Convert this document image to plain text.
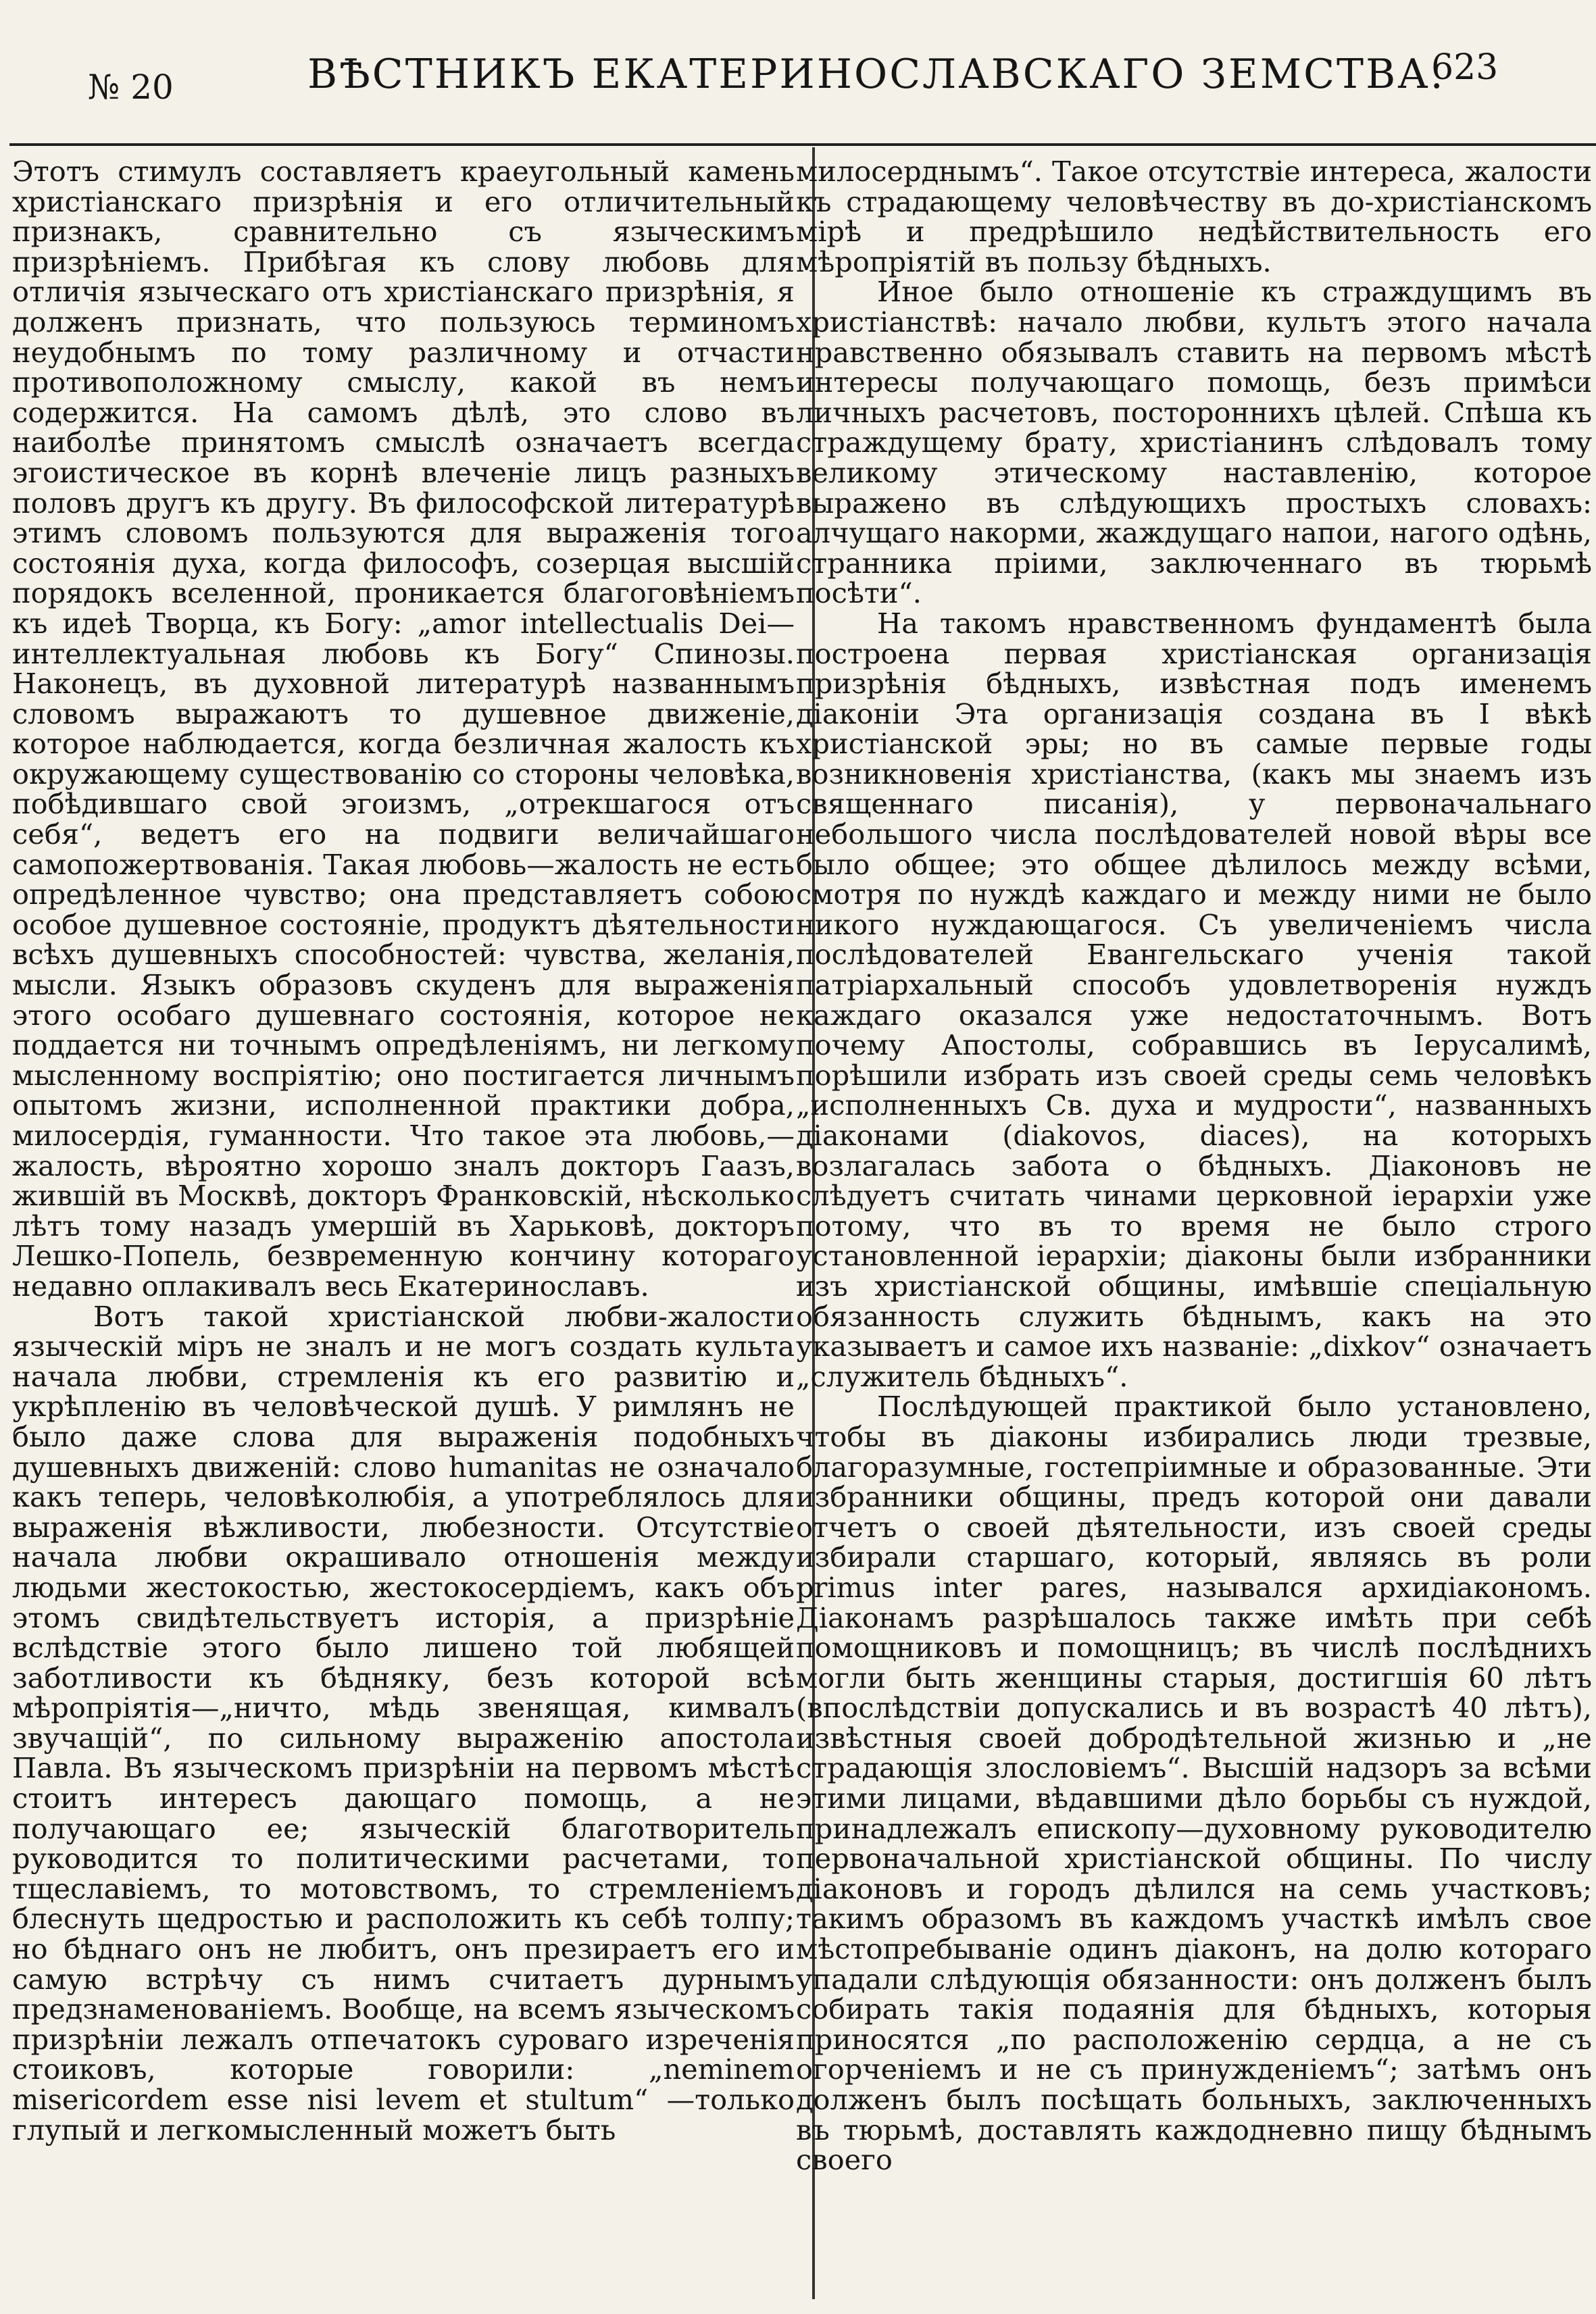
№ 20	ВѢСТНИКЪ ЕКАТЕРИНОСЛАВСКАГО ЗЕМСТВА.
623

Этотъ стимулъ составляетъ краеугольный камень христіанскаго призрѣнія и его отличительный признакъ, сравнительно съ языческимъ призрѣніемъ. Прибѣгая къ слову любовь для отличія языческаго отъ христіанскаго призрѣнія, я долженъ признать, что пользуюсь терминомъ неудобнымъ по тому различному и отчасти противоположному смыслу, какой въ немъ содержится. На самомъ дѣлѣ, это слово въ наиболѣе принятомъ смыслѣ означаетъ всегда эгоистическое въ корнѣ влеченіе лицъ разныхъ половъ другъ къ другу. Въ философской литературѣ этимъ словомъ пользуются для выраженія того состоянія духа, когда философъ, созерцая высшій порядокъ вселенной, проникается благоговѣніемъ къ идеѣ Творца, къ Богу: „amor intellectualis Dei—интеллектуальная любовь къ Богу“ Спинозы. Наконецъ, въ духовной литературѣ названнымъ словомъ выражаютъ то душевное движеніе, которое наблюдается, когда безличная жалость къ окружающему существованію со стороны человѣка, побѣдившаго свой эгоизмъ, „отрекшагося отъ себя“, ведетъ его на подвиги величайшаго самопожертвованія. Такая любовь—жалость не есть опредѣленное чувство; она представляетъ собою особое душевное состояніе, продуктъ дѣятельности всѣхъ душевныхъ способностей: чувства, желанія, мысли. Языкъ образовъ скуденъ для выраженія этого особаго душевнаго состоянія, которое не поддается ни точнымъ опредѣленіямъ, ни легкому мысленному воспріятію; оно постигается личнымъ опытомъ жизни, исполненной практики добра, милосердія, гуманности. Что такое эта любовь,—жалость, вѣроятно хорошо зналъ докторъ Гаазъ, жившій въ Москвѣ, докторъ Франковскій, нѣсколько лѣтъ тому назадъ умершій въ Харьковѣ, докторъ Лешко-Попель, безвременную кончину котораго недавно оплакивалъ весь Екатеринославъ.

Вотъ такой христіанской любви-жалости языческій міръ не зналъ и не могъ создать культа начала любви, стремленія къ его развитію и укрѣпленію въ человѣческой душѣ. У римлянъ не было даже слова для выраженія подобныхъ душевныхъ движеній: слово humanitas не означало какъ теперь, человѣколюбія, а употреблялось для выраженія вѣжливости, любезности. Отсутствіе начала любви окрашивало отношенія между людьми жестокостью, жестокосердіемъ, какъ объ этомъ свидѣтельствуетъ исторія, а призрѣніе вслѣдствіе этого было лишено той любящей заботливости къ бѣдняку, безъ которой всѣ мѣропріятія—„ничто, мѣдь звенящая, кимвалъ звучащій“, по сильному выраженію апостола Павла. Въ языческомъ призрѣніи на первомъ мѣстѣ стоитъ интересъ дающаго помощь, а не получающаго ее; языческій благотворитель руководится то политическими расчетами, то тщеславіемъ, то мотовствомъ, то стремленіемъ блеснуть щедростью и расположить къ себѣ толпу; но бѣднаго онъ не любитъ, онъ презираетъ его и самую встрѣчу съ нимъ считаетъ дурнымъ предзнаменованіемъ. Вообще, на всемъ языческомъ призрѣніи лежалъ отпечатокъ суроваго изреченія стоиковъ, которые говорили: „neminem misericordem esse nisi levem et stultum“ —только глупый и легкомысленный можетъ быть

милосерднымъ“. Такое отсутствіе интереса, жалости къ страдающему человѣчеству въ до-христіанскомъ мірѣ и предрѣшило недѣйствительность его мѣропріятій въ пользу бѣдныхъ.

Иное было отношеніе къ страждущимъ въ христіанствѣ: начало любви, культъ этого начала нравственно обязывалъ ставить на первомъ мѣстѣ интересы получающаго помощь, безъ примѣси личныхъ расчетовъ, постороннихъ цѣлей. Спѣша къ страждущему брату, христіанинъ слѣдовалъ тому великому этическому наставленію, которое выражено въ слѣдующихъ простыхъ словахъ: алчущаго накорми, жаждущаго напои, нагого одѣнь, странника пріими, заключеннаго въ тюрьмѣ посѣти“.

На такомъ нравственномъ фундаментѣ была построена первая христіанская организація призрѣнія бѣдныхъ, извѣстная подъ именемъ діаконіи Эта организація создана въ I вѣкѣ христіанской эры; но въ самые первые годы возникновенія христіанства, (какъ мы знаемъ изъ священнаго писанія), у первоначальнаго небольшого числа послѣдователей новой вѣры все было общее; это общее дѣлилось между всѣми, смотря по нуждѣ каждаго и между ними не было никого нуждающагося. Съ увеличеніемъ числа послѣдователей Евангельскаго ученія такой патріархальный способъ удовлетворенія нуждъ каждаго оказался уже недостаточнымъ. Вотъ почему Апостолы, собравшись въ Іерусалимѣ, порѣшили избрать изъ своей среды семь человѣкъ „исполненныхъ Св. духа и мудрости“, названныхъ діаконами (diakovos, diaces), на которыхъ возлагалась забота о бѣдныхъ. Діаконовъ не слѣдуетъ считать чинами церковной іерархіи уже потому, что въ то время не было строго установленной іерархіи; діаконы были избранники изъ христіанской общины, имѣвшіе спеціальную обязанность служить бѣднымъ, какъ на это указываетъ и самое ихъ названіе: „dixkov“ означаетъ „служитель бѣдныхъ“.

Послѣдующей практикой было установлено, чтобы въ діаконы избирались люди трезвые, благоразумные, гостепріимные и образованные. Эти избранники общины, предъ которой они давали отчетъ о своей дѣятельности, изъ своей среды избирали старшаго, который, являясь въ роли primus inter pares, назывался архидіакономъ. Діаконамъ разрѣшалось также имѣть при себѣ помощниковъ и помощницъ; въ числѣ послѣднихъ могли быть женщины старыя, достигшія 60 лѣтъ (впослѣдствіи допускались и въ возрастѣ 40 лѣтъ), извѣстныя своей добродѣтельной жизнью и „не страдающія злословіемъ“. Высшій надзоръ за всѣми этими лицами, вѣдавшими дѣло борьбы съ нуждой, принадлежалъ епископу—духовному руководителю первоначальной христіанской общины. По числу діаконовъ и городъ дѣлился на семь участковъ; такимъ образомъ въ каждомъ участкѣ имѣлъ свое мѣстопребываніе одинъ діаконъ, на долю котораго упадали слѣдующія обязанности: онъ долженъ былъ собирать такія подаянія для бѣдныхъ, которыя приносятся „по расположенію сердца, а не съ огорченіемъ и не съ принужденіемъ“; затѣмъ онъ долженъ былъ посѣщать больныхъ, заключенныхъ въ тюрьмѣ, доставлять каждодневно пищу бѣднымъ своего
